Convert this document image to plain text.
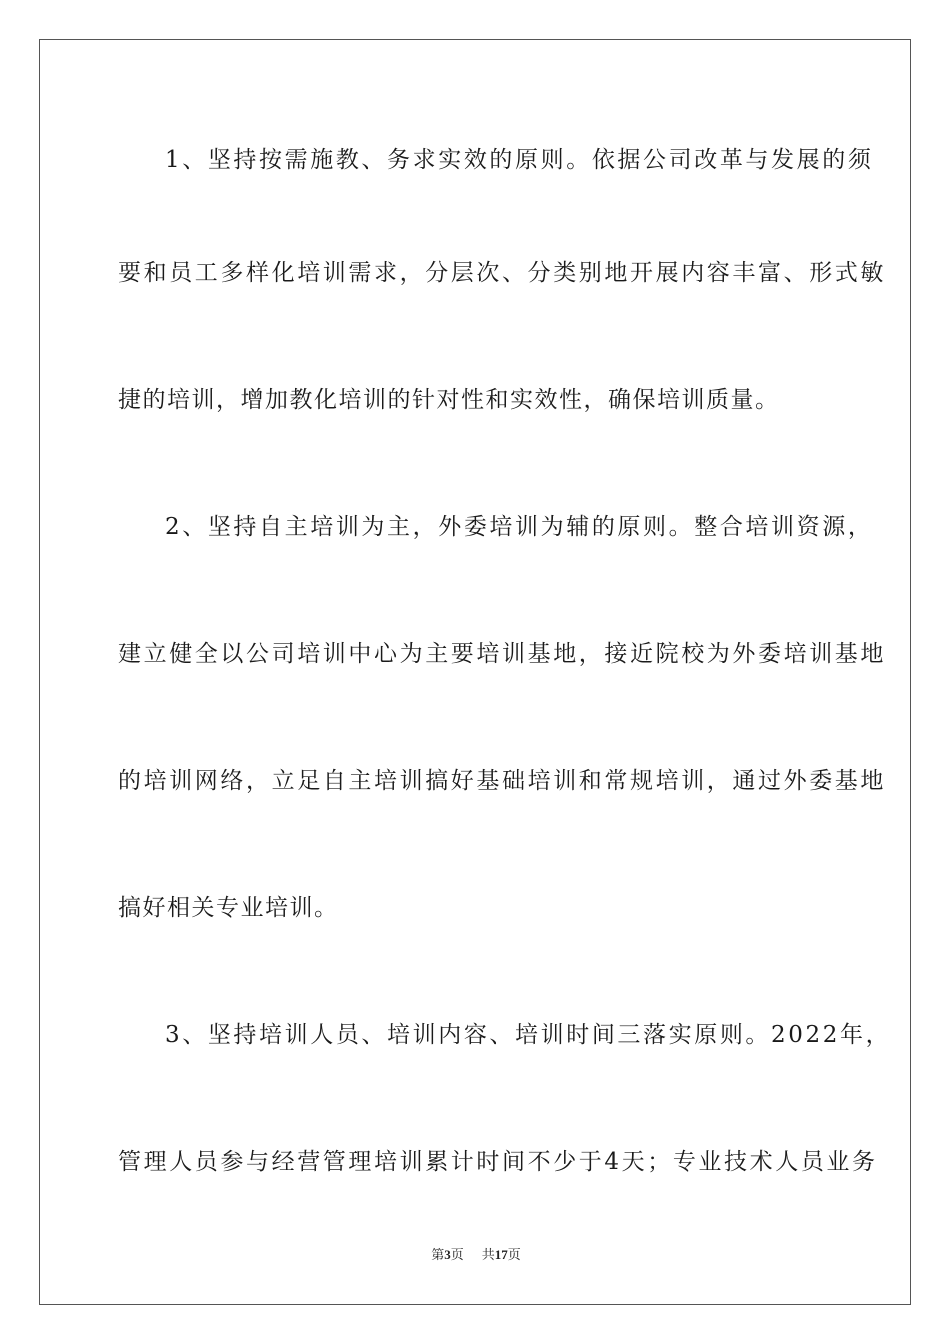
1、坚持按需施教、务求实效的原则。依据公司改革与发展的须

要和员工多样化培训需求，分层次、分类别地开展内容丰富、形式敏

捷的培训，增加教化培训的针对性和实效性，确保培训质量。

2、坚持自主培训为主，外委培训为辅的原则。整合培训资源，

建立健全以公司培训中心为主要培训基地，接近院校为外委培训基地

的培训网络，立足自主培训搞好基础培训和常规培训，通过外委基地

搞好相关专业培训。

3、坚持培训人员、培训内容、培训时间三落实原则。2022年，

管理人员参与经营管理培训累计时间不少于4天；专业技术人员业务

第3页 共17页
